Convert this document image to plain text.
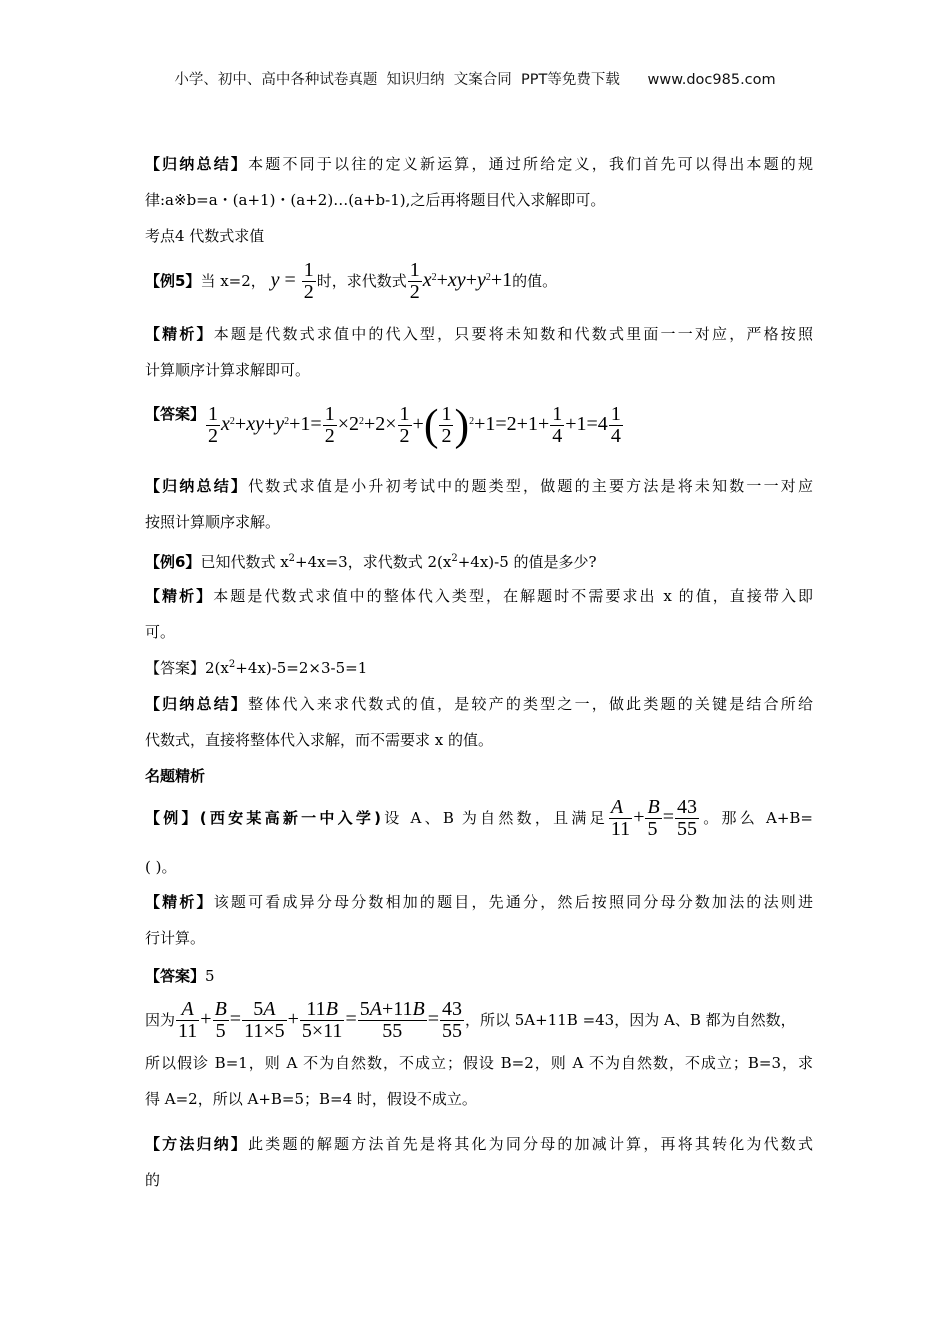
小学、初中、高中各种试卷真题  知识归纳  文案合同  PPT等免费下载      www.doc985.com
【归纳总结】本题不同于以往的定义新运算，通过所给定义，我们首先可以得出本题的规
律:a※b=a・(a+1)・(a+2)…(a+b-1),之后再将题目代入求解即可。
考点4 代数式求值
【例5】当 x=2， $y = \frac{1}{2}$ 时，求代数式 $\frac{1}{2} x^2+xy+y^2+1$的值。
【精析】本题是代数式求值中的代入型，只要将未知数和代数式里面一一对应，严格按照
计算顺序计算求解即可。
【答案】 $\frac{1}{2} x^2+xy+y^2+1= \frac{1}{2} \times 2^2+2\times \frac{1}{2}$ +( $\frac{1}{2} )^2+1=2+1+ \frac{1}{4} +1=4 \frac{1}{4}$
【归纳总结】代数式求值是小升初考试中的题类型，做题的主要方法是将未知数一一对应
按照计算顺序求解。
【例6】已知代数式 $x^2+4x=3$，求代数式 $2(x^2+4x)-5$ 的值是多少?
【精析】本题是代数式求值中的整体代入类型，在解题时不需要求出 x 的值，直接带入即
可。
【答案】$2(x^2+4x)-5=2\times 3-5=1$
【归纳总结】整体代入来求代数式的值，是较产的类型之一，做此类题的关键是结合所给
代数式，直接将整体代入求解，而不需要求 x 的值。
名题精析
【例】(西安某高新一中入学)设 A、B 为自然数，且满足 $\frac{A}{11} + \frac{B}{5} = \frac{43}{55}$ 。那么 A+B=
( )。
【精析】该题可看成异分母分数相加的题目，先通分，然后按照同分母分数加法的法则进
行计算。
【答案】5
因为 $\frac{A}{11} + \frac{B}{5} = \frac{5A}{11\times 5} + \frac{11B}{5\times 11} = \frac{5A+11B}{55} = \frac{43}{55}$ ，所以 5A+11B =43，因为 A、B 都为自然数，
所以假诊 B=1，则 A 不为自然数，不成立；假设 B=2，则 A 不为自然数，不成立；B=3，求
得 A=2，所以 A+B=5；B=4 时，假设不成立。
【方法归纳】此类题的解题方法首先是将其化为同分母的加减计算，再将其转化为代数式
的
